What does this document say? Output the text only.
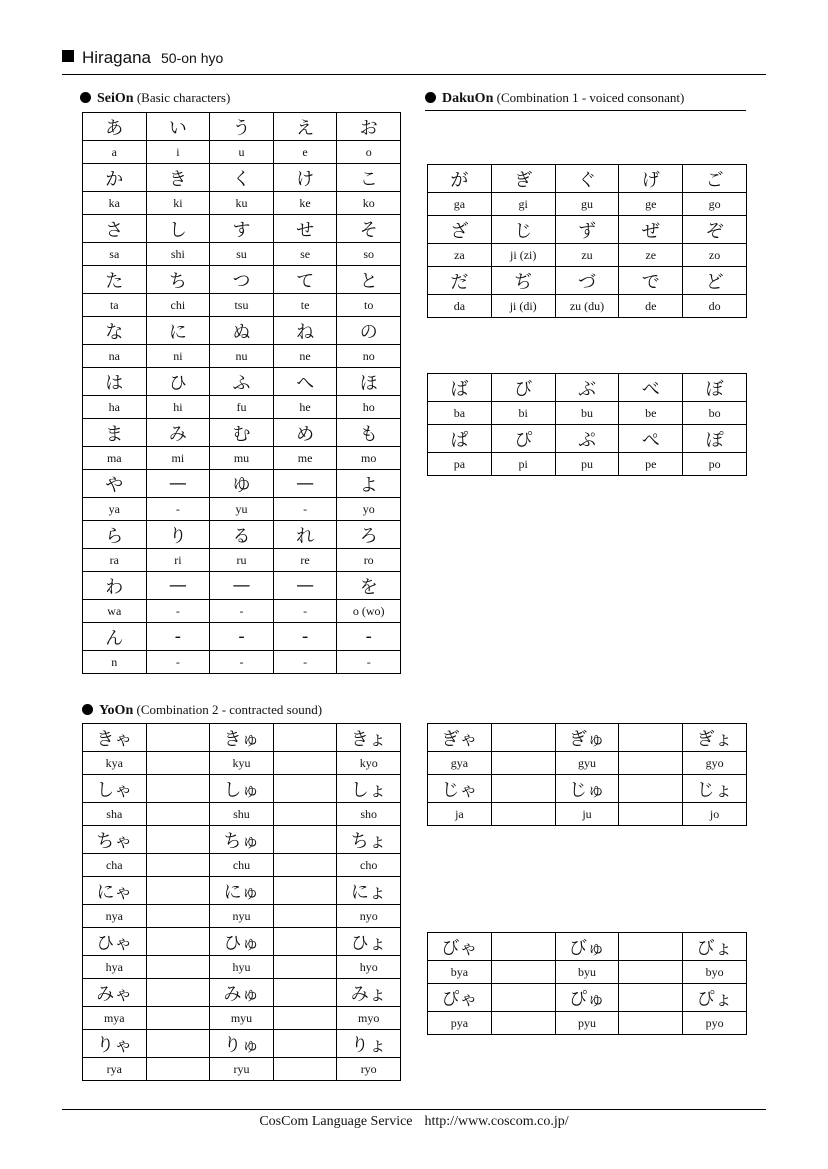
Hiragana 50-on hyo
SeiOn (Basic characters)	DakuOn (Combination 1 - voiced consonant)
YoOn (Combination 2 - contracted sound)
あ	い	う	え	お
a	i	u	e	o
か	き	く	け	こ
ka	ki	ku	ke	ko
さ	し	す	せ	そ
sa	shi	su	se	so
た	ち	つ	て	と
ta	chi	tsu	te	to
な	に	ぬ	ね	の
na	ni	nu	ne	no
は	ひ	ふ	へ	ほ
ha	hi	fu	he	ho
ま	み	む	め	も
ma	mi	mu	me	mo
や	—	ゆ	—	よ
ya	-	yu	-	yo
ら	り	る	れ	ろ
ra	ri	ru	re	ro
わ	—	—	—	を
wa	-	-	-	o (wo)
ん	-	-	-	-
n	-	-	-	-
が	ぎ	ぐ	げ	ご
ga	gi	gu	ge	go
ざ	じ	ず	ぜ	ぞ
za	ji (zi)	zu	ze	zo
だ	ぢ	づ	で	ど
da	ji (di)	zu (du)	de	do
ば	び	ぶ	べ	ぼ
ba	bi	bu	be	bo
ぱ	ぴ	ぷ	ぺ	ぽ
pa	pi	pu	pe	po
きゃ		きゅ		きょ
kya		kyu		kyo
しゃ		しゅ		しょ
sha		shu		sho
ちゃ		ちゅ		ちょ
cha		chu		cho
にゃ		にゅ		にょ
nya		nyu		nyo
ひゃ		ひゅ		ひょ
hya		hyu		hyo
みゃ		みゅ		みょ
mya		myu		myo
りゃ		りゅ		りょ
rya		ryu		ryo
ぎゃ		ぎゅ		ぎょ
gya		gyu		gyo
じゃ		じゅ		じょ
ja		ju		jo
びゃ		びゅ		びょ
bya		byu		byo
ぴゃ		ぴゅ		ぴょ
pya		pyu		pyo
CosCom Language Service http://www.coscom.co.jp/
